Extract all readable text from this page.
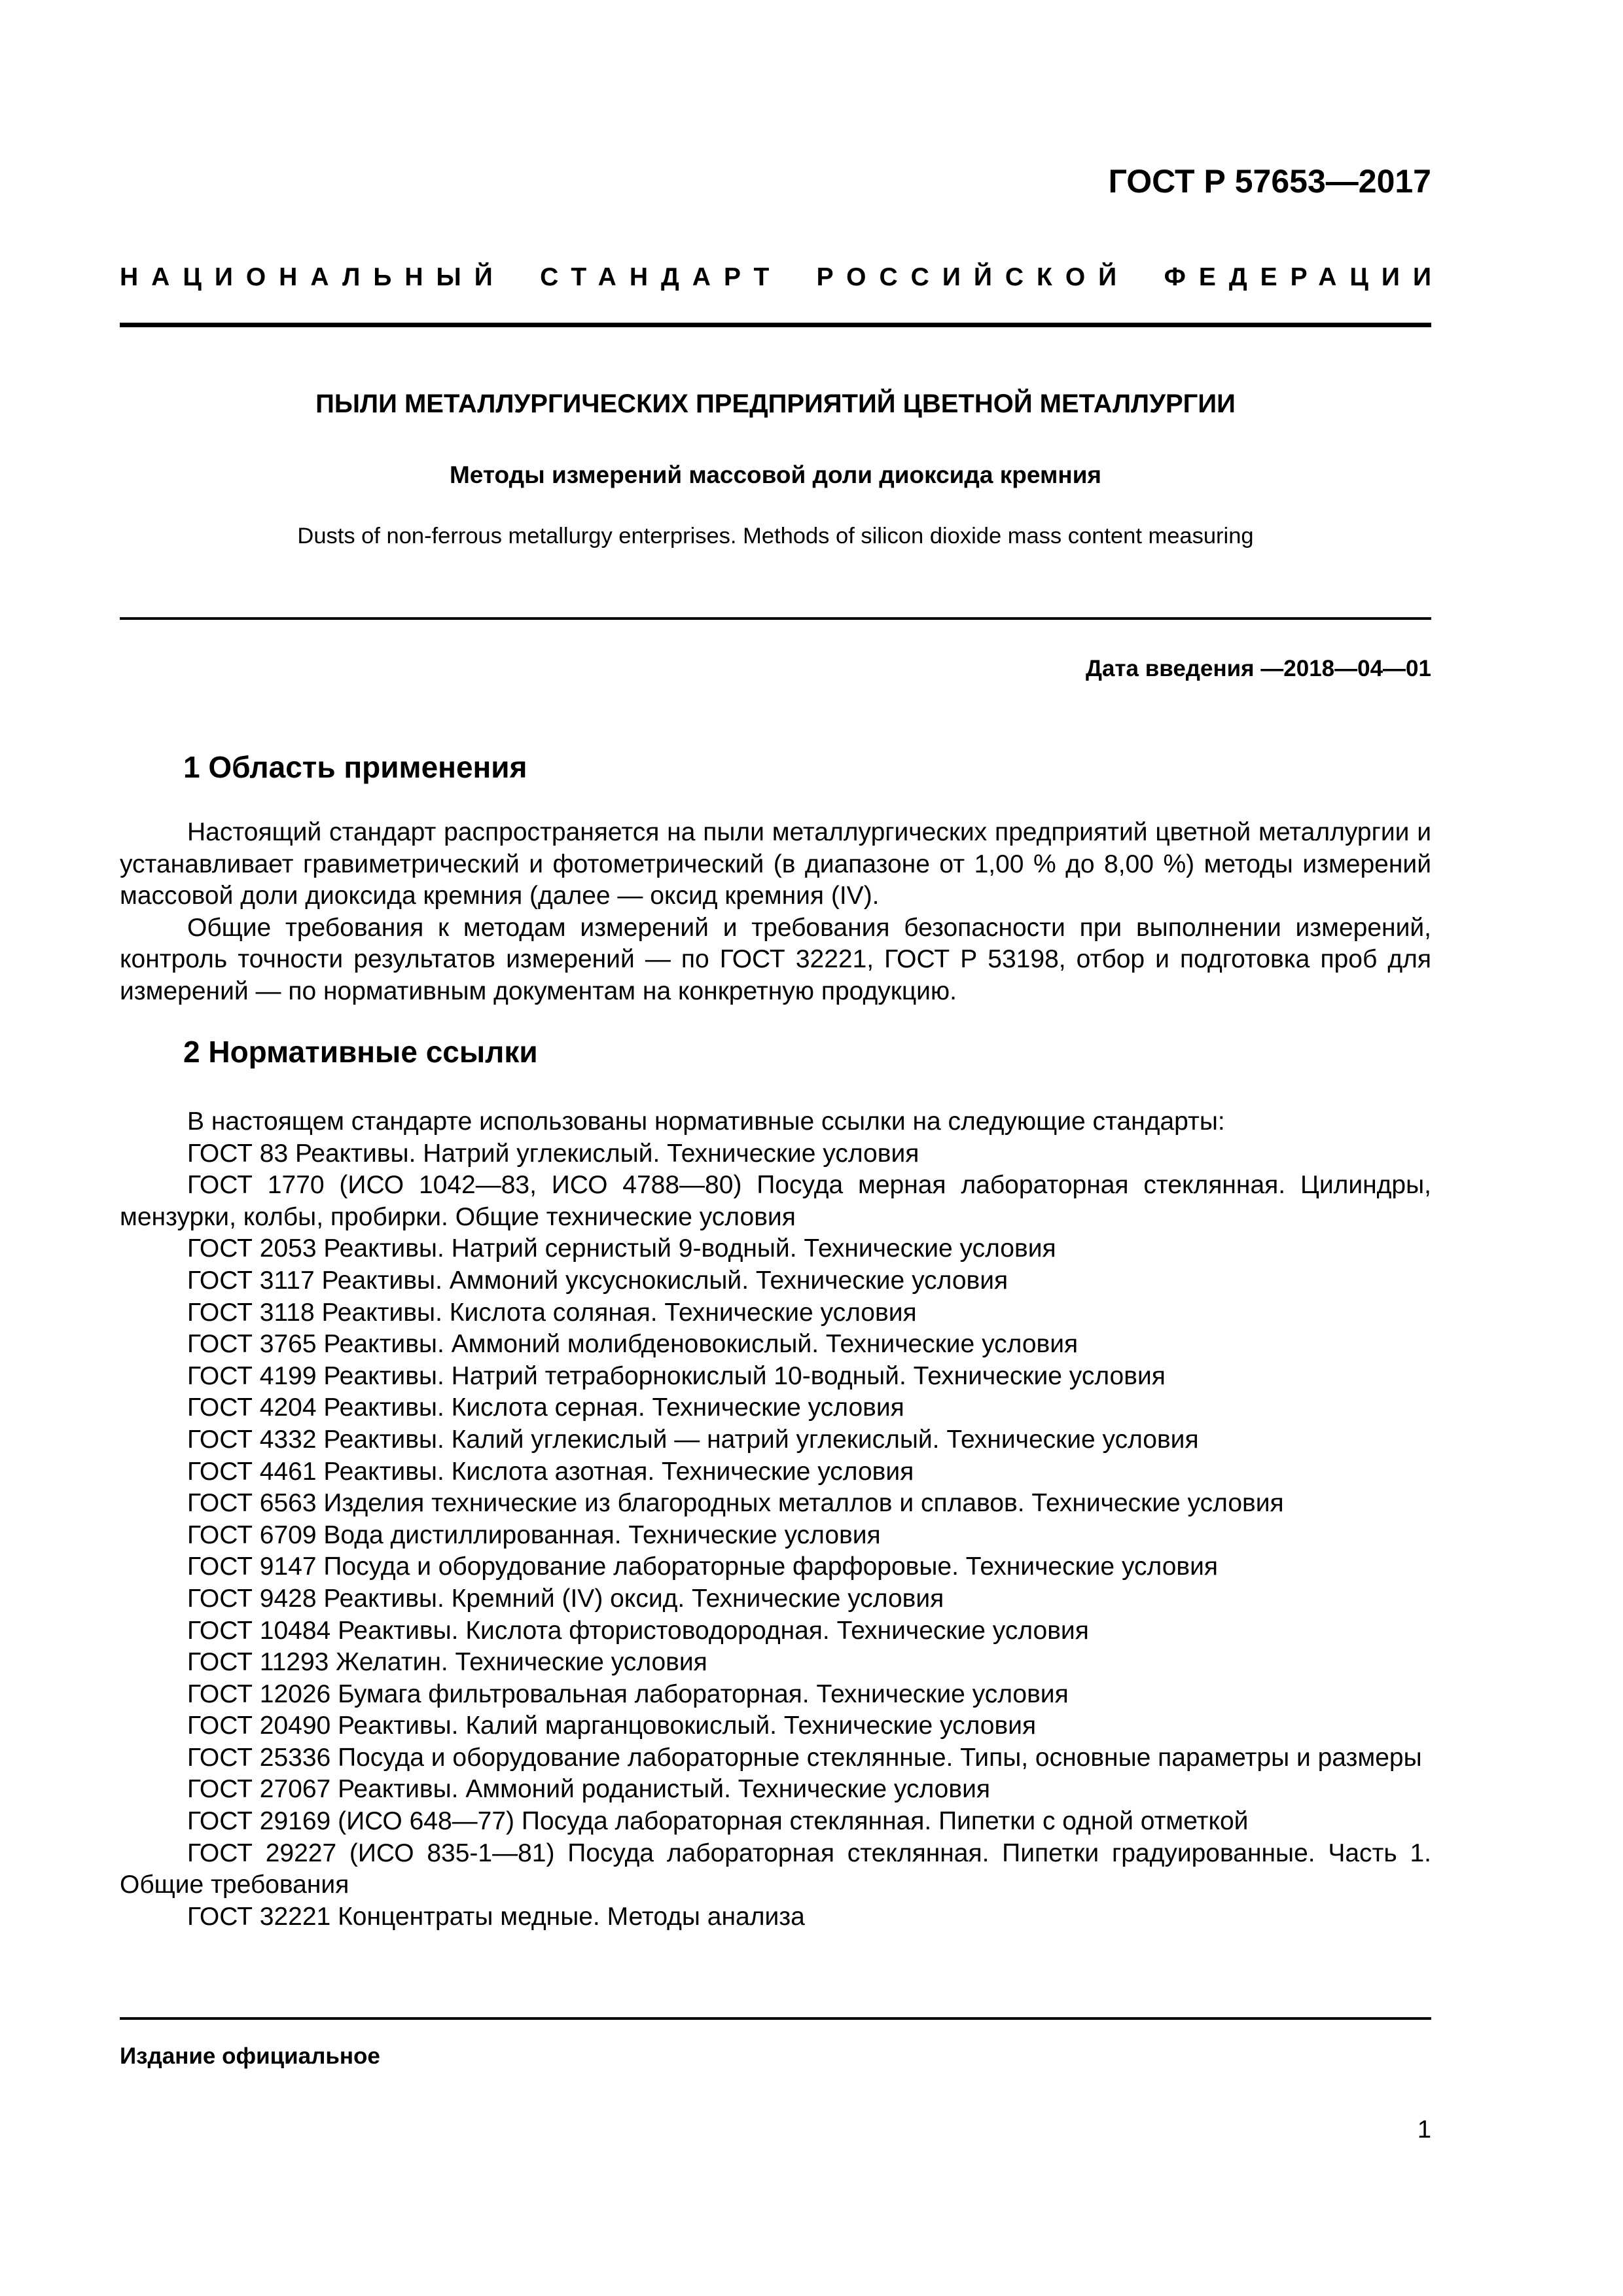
ГОСТ Р 57653—2017
НАЦИОНАЛЬНЫЙ СТАНДАРТ РОССИЙСКОЙ ФЕДЕРАЦИИ
ПЫЛИ МЕТАЛЛУРГИЧЕСКИХ ПРЕДПРИЯТИЙ ЦВЕТНОЙ МЕТАЛЛУРГИИ
Методы измерений массовой доли диоксида кремния
Dusts of non-ferrous metallurgy enterprises. Methods of silicon dioxide mass content measuring
Дата введения —2018—04—01
1 Область применения

Настоящий стандарт распространяется на пыли металлургических предприятий цветной металлургии и устанавливает гравиметрический и фотометрический (в диапазоне от 1,00 % до 8,00 %) методы измерений массовой доли диоксида кремния (далее — оксид кремния (IV).

Общие требования к методам измерений и требования безопасности при выполнении измерений, контроль точности результатов измерений — по ГОСТ 32221, ГОСТ Р 53198, отбор и подготовка проб для измерений — по нормативным документам на конкретную продукцию.

2 Нормативные ссылки

В настоящем стандарте использованы нормативные ссылки на следующие стандарты:

ГОСТ 83 Реактивы. Натрий углекислый. Технические условия

ГОСТ 1770 (ИСО 1042—83, ИСО 4788—80) Посуда мерная лабораторная стеклянная. Цилиндры, мензурки, колбы, пробирки. Общие технические условия

ГОСТ 2053 Реактивы. Натрий сернистый 9-водный. Технические условия

ГОСТ 3117 Реактивы. Аммоний уксуснокислый. Технические условия

ГОСТ 3118 Реактивы. Кислота соляная. Технические условия

ГОСТ 3765 Реактивы. Аммоний молибденовокислый. Технические условия

ГОСТ 4199 Реактивы. Натрий тетраборнокислый 10-водный. Технические условия

ГОСТ 4204 Реактивы. Кислота серная. Технические условия

ГОСТ 4332 Реактивы. Калий углекислый — натрий углекислый. Технические условия

ГОСТ 4461 Реактивы. Кислота азотная. Технические условия

ГОСТ 6563 Изделия технические из благородных металлов и сплавов. Технические условия

ГОСТ 6709 Вода дистиллированная. Технические условия

ГОСТ 9147 Посуда и оборудование лабораторные фарфоровые. Технические условия

ГОСТ 9428 Реактивы. Кремний (IV) оксид. Технические условия

ГОСТ 10484 Реактивы. Кислота фтористоводородная. Технические условия

ГОСТ 11293 Желатин. Технические условия

ГОСТ 12026 Бумага фильтровальная лабораторная. Технические условия

ГОСТ 20490 Реактивы. Калий марганцовокислый. Технические условия

ГОСТ 25336 Посуда и оборудование лабораторные стеклянные. Типы, основные параметры и размеры

ГОСТ 27067 Реактивы. Аммоний роданистый. Технические условия

ГОСТ 29169 (ИСО 648—77) Посуда лабораторная стеклянная. Пипетки с одной отметкой

ГОСТ 29227 (ИСО 835-1—81) Посуда лабораторная стеклянная. Пипетки градуированные. Часть 1. Общие требования

ГОСТ 32221 Концентраты медные. Методы анализа

Издание официальное
1
